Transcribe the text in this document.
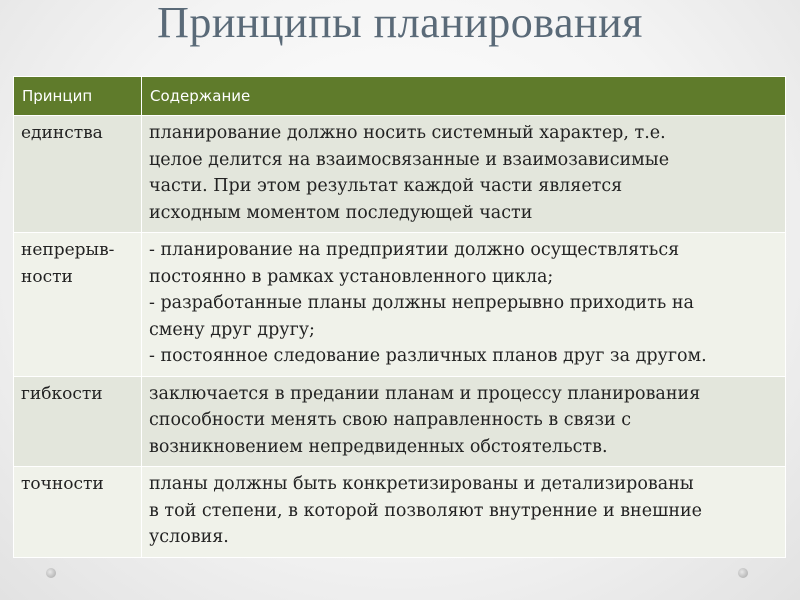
Принципы планирования
Принцип	Содержание

единства	планирование должно носить системный характер, т.е.
целое делится на взаимосвязанные и взаимозависимые
части. При этом результат каждой части является
исходным моментом последующей части

непрерыв-
ности	- планирование на предприятии должно осуществляться
постоянно в рамках установленного цикла;
- разработанные планы должны непрерывно приходить на
смену друг другу;
- постоянное следование различных планов друг за другом.

гибкости	заключается в предании планам и процессу планирования
способности менять свою направленность в связи с
возникновением непредвиденных обстоятельств.

точности	планы должны быть конкретизированы и детализированы
в той степени, в которой позволяют внутренние и внешние
условия.
